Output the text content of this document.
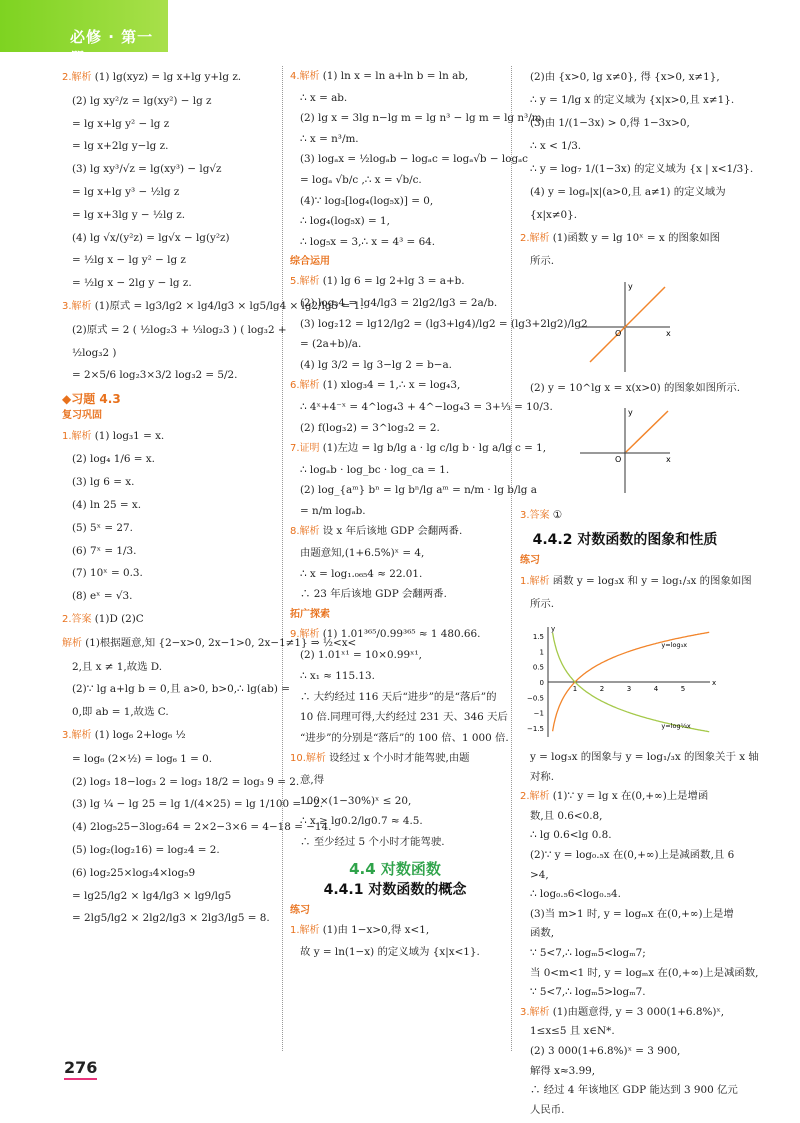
必修 · 第一册
2.解析 (1) lg(xyz) = lg x+lg y+lg z.
(2) lg xy²/z = lg(xy²) − lg z
= lg x+lg y² − lg z
= lg x+2lg y−lg z.
(3) lg xy³/√z = lg(xy³) − lg√z
= lg x+lg y³ − ½lg z
= lg x+3lg y − ½lg z.
(4) lg √x/(y²z) = lg√x − lg(y²z)
= ½lg x − lg y² − lg z
= ½lg x − 2lg y − lg z.
3.解析 (1)原式 = lg3/lg2 × lg4/lg3 × lg5/lg4 × lg2/lg5 = 1.
(2)原式 = 2 ( ½log₂3 + ⅓log₂3 ) ( log₃2 +
½log₃2 )
= 2×5/6 log₂3×3/2 log₃2 = 5/2.
◆习题 4.3
复习巩固
1.解析 (1) log₃1 = x.
(2) log₄ 1/6 = x.
(3) lg 6 = x.
(4) ln 25 = x.
(5) 5ˣ = 27.
(6) 7ˣ = 1/3.
(7) 10ˣ = 0.3.
(8) eˣ = √3.
2.答案 (1)D (2)C
解析 (1)根据题意,知 {2−x>0, 2x−1>0, 2x−1≠1} ⇒ ½<x<
2,且 x ≠ 1,故选 D.
(2)∵ lg a+lg b = 0,且 a>0, b>0,∴ lg(ab) =
0,即 ab = 1,故选 C.
3.解析 (1) log₆ 2+log₆ ½
= log₆ (2×½) = log₆ 1 = 0.
(2) log₃ 18−log₃ 2 = log₃ 18/2 = log₃ 9 = 2.
(3) lg ¼ − lg 25 = lg 1/(4×25) = lg 1/100 = −2.
(4) 2log₅25−3log₂64 = 2×2−3×6 = 4−18 = −14.
(5) log₂(log₂16) = log₂4 = 2.
(6) log₂25×log₃4×log₅9
= lg25/lg2 × lg4/lg3 × lg9/lg5
= 2lg5/lg2 × 2lg2/lg3 × 2lg3/lg5 = 8.
4.解析 (1) ln x = ln a+ln b = ln ab,
∴ x = ab.
(2) lg x = 3lg n−lg m = lg n³ − lg m = lg n³/m,
∴ x = n³/m.
(3) logₐx = ½logₐb − logₐc = logₐ√b − logₐc
= logₐ √b/c ,∴ x = √b/c.
(4)∵ log₃[log₄(log₅x)] = 0,
∴ log₄(log₅x) = 1,
∴ log₅x = 3,∴ x = 4³ = 64.
综合运用
5.解析 (1) lg 6 = lg 2+lg 3 = a+b.
(2) log₃4 = lg4/lg3 = 2lg2/lg3 = 2a/b.
(3) log₂12 = lg12/lg2 = (lg3+lg4)/lg2 = (lg3+2lg2)/lg2
= (2a+b)/a.
(4) lg 3/2 = lg 3−lg 2 = b−a.
6.解析 (1) xlog₃4 = 1,∴ x = log₄3,
∴ 4ˣ+4⁻ˣ = 4^log₄3 + 4^−log₄3 = 3+⅓ = 10/3.
(2) f(log₃2) = 3^log₃2 = 2.
7.证明 (1)左边 = lg b/lg a · lg c/lg b · lg a/lg c = 1,
∴ logₐb · log_bc · log_ca = 1.
(2) log_{aᵐ} bⁿ = lg bⁿ/lg aᵐ = n/m · lg b/lg a
= n/m logₐb.
8.解析 设 x 年后该地 GDP 会翻两番.
由题意知,(1+6.5%)ˣ = 4,
∴ x = log₁.₀₆₅4 ≈ 22.01.
∴ 23 年后该地 GDP 会翻两番.
拓广探索
9.解析 (1) 1.01³⁶⁵/0.99³⁶⁵ ≈ 1 480.66.
(2) 1.01ˣ¹ = 10×0.99ˣ¹,
∴ x₁ ≈ 115.13.
∴ 大约经过 116 天后“进步”的是“落后”的
10 倍.同理可得,大约经过 231 天、346 天后
“进步”的分别是“落后”的 100 倍、1 000 倍.
10.解析 设经过 x 个小时才能驾驶,由题
意,得
100×(1−30%)ˣ ≤ 20,
∴ x ≥ lg0.2/lg0.7 ≈ 4.5.
∴ 至少经过 5 个小时才能驾驶.
4.4 对数函数
4.4.1 对数函数的概念
练习
1.解析 (1)由 1−x>0,得 x<1,
故 y = ln(1−x) 的定义域为 {x|x<1}.
(2)由 {x>0, lg x≠0}, 得 {x>0, x≠1},
∴ y = 1/lg x 的定义域为 {x|x>0,且 x≠1}.
(3)由 1/(1−3x) > 0,得 1−3x>0,
∴ x < 1/3.
∴ y = log₇ 1/(1−3x) 的定义域为 {x | x<1/3}.
(4) y = logₐ|x|(a>0,且 a≠1) 的定义域为
{x|x≠0}.
2.解析 (1)函数 y = lg 10ˣ = x 的图象如图
所示.
y
x
O
(2) y = 10^lg x = x(x>0) 的图象如图所示.
y
x
O
3.答案 ①
4.4.2 对数函数的图象和性质
练习
1.解析 函数 y = log₃x 和 y = log₁/₃x 的图象如图
所示.
1.5
1
0.5
0
−0.5
−1
−1.5
1	2	3	4	5
x
y
y=log₃x
y=log⅓x
y = log₃x 的图象与 y = log₁/₃x 的图象关于 x 轴
对称.
2.解析 (1)∵ y = lg x 在(0,+∞)上是增函
数,且 0.6<0.8,
∴ lg 0.6<lg 0.8.
(2)∵ y = log₀.₅x 在(0,+∞)上是减函数,且 6
>4,
∴ log₀.₅6<log₀.₅4.
(3)当 m>1 时, y = logₘx 在(0,+∞)上是增
函数,
∵ 5<7,∴ logₘ5<logₘ7;
当 0<m<1 时, y = logₘx 在(0,+∞)上是减函数,
∵ 5<7,∴ logₘ5>logₘ7.
3.解析 (1)由题意得, y = 3 000(1+6.8%)ˣ,
1≤x≤5 且 x∈N*.
(2) 3 000(1+6.8%)ˣ = 3 900,
解得 x≈3.99,
∴ 经过 4 年该地区 GDP 能达到 3 900 亿元
人民币.
276
